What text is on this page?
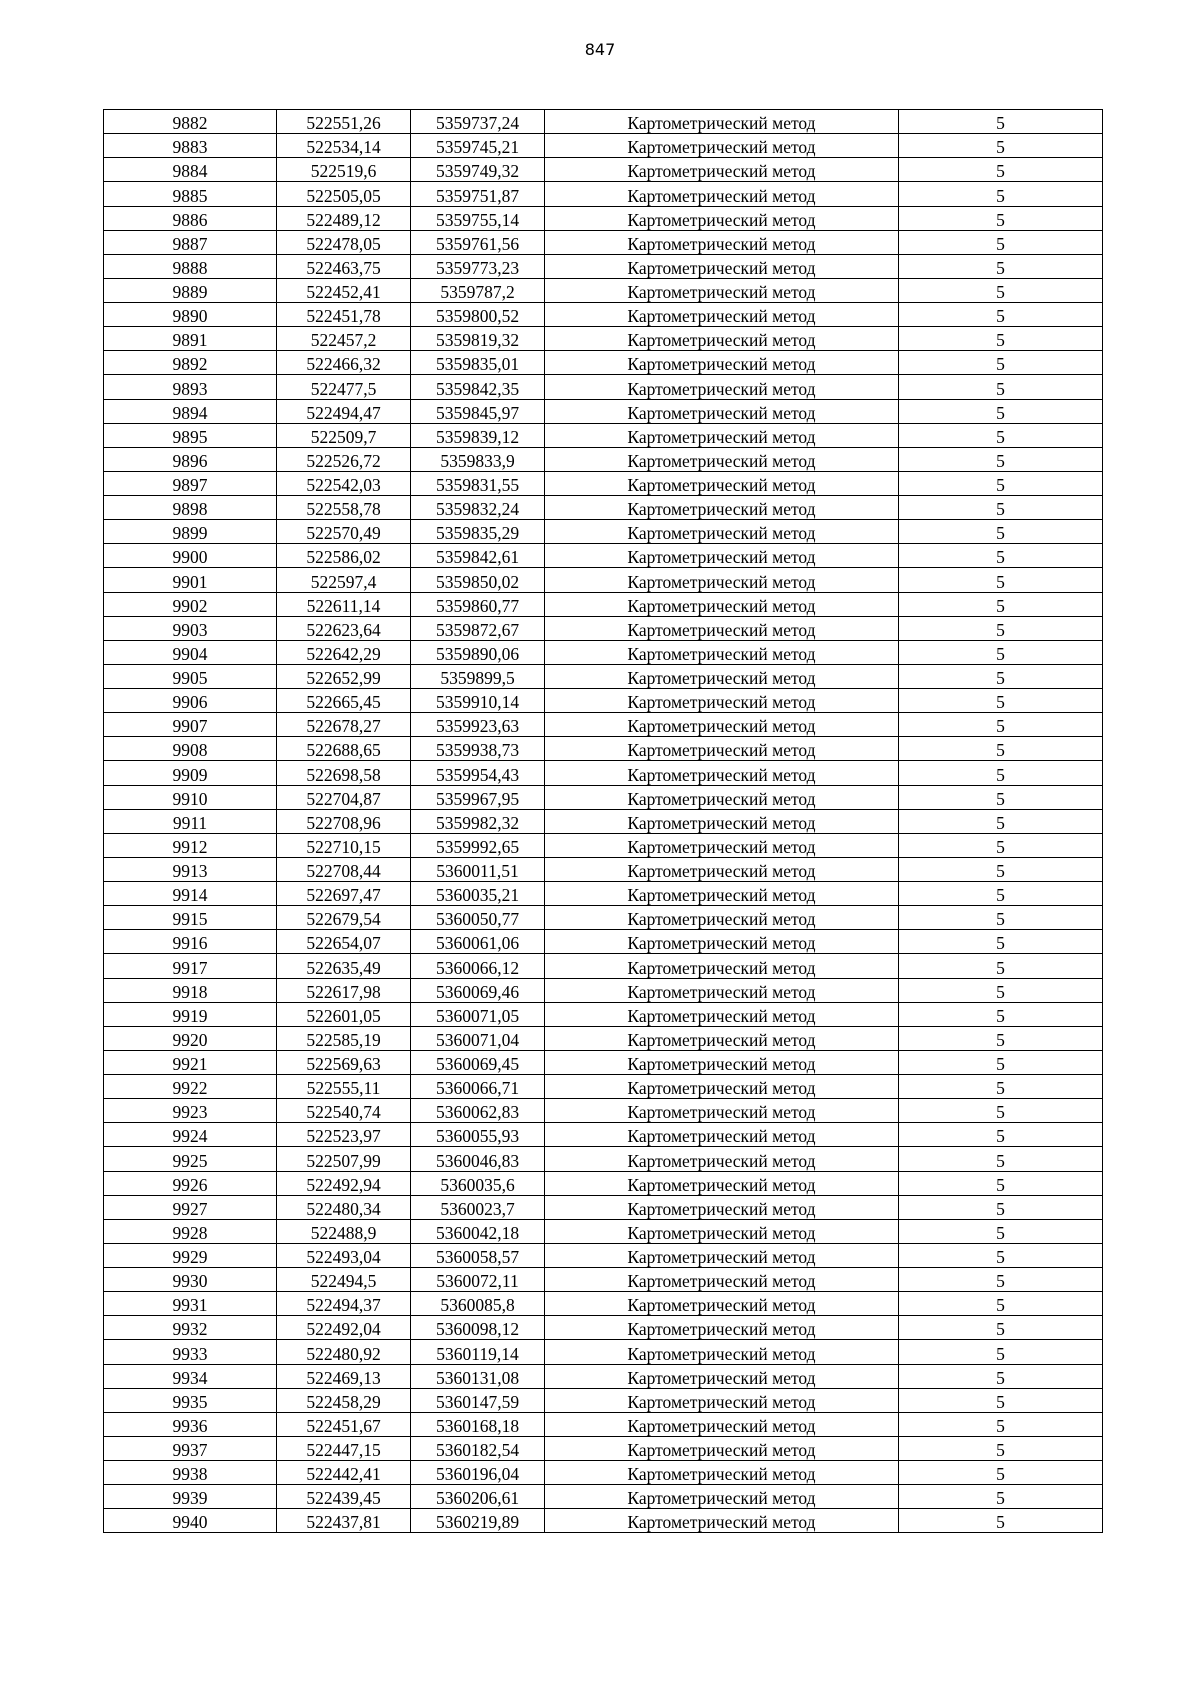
847
9882	522551,26	5359737,24	Картометрический метод	5
9883	522534,14	5359745,21	Картометрический метод	5
9884	522519,6	5359749,32	Картометрический метод	5
9885	522505,05	5359751,87	Картометрический метод	5
9886	522489,12	5359755,14	Картометрический метод	5
9887	522478,05	5359761,56	Картометрический метод	5
9888	522463,75	5359773,23	Картометрический метод	5
9889	522452,41	5359787,2	Картометрический метод	5
9890	522451,78	5359800,52	Картометрический метод	5
9891	522457,2	5359819,32	Картометрический метод	5
9892	522466,32	5359835,01	Картометрический метод	5
9893	522477,5	5359842,35	Картометрический метод	5
9894	522494,47	5359845,97	Картометрический метод	5
9895	522509,7	5359839,12	Картометрический метод	5
9896	522526,72	5359833,9	Картометрический метод	5
9897	522542,03	5359831,55	Картометрический метод	5
9898	522558,78	5359832,24	Картометрический метод	5
9899	522570,49	5359835,29	Картометрический метод	5
9900	522586,02	5359842,61	Картометрический метод	5
9901	522597,4	5359850,02	Картометрический метод	5
9902	522611,14	5359860,77	Картометрический метод	5
9903	522623,64	5359872,67	Картометрический метод	5
9904	522642,29	5359890,06	Картометрический метод	5
9905	522652,99	5359899,5	Картометрический метод	5
9906	522665,45	5359910,14	Картометрический метод	5
9907	522678,27	5359923,63	Картометрический метод	5
9908	522688,65	5359938,73	Картометрический метод	5
9909	522698,58	5359954,43	Картометрический метод	5
9910	522704,87	5359967,95	Картометрический метод	5
9911	522708,96	5359982,32	Картометрический метод	5
9912	522710,15	5359992,65	Картометрический метод	5
9913	522708,44	5360011,51	Картометрический метод	5
9914	522697,47	5360035,21	Картометрический метод	5
9915	522679,54	5360050,77	Картометрический метод	5
9916	522654,07	5360061,06	Картометрический метод	5
9917	522635,49	5360066,12	Картометрический метод	5
9918	522617,98	5360069,46	Картометрический метод	5
9919	522601,05	5360071,05	Картометрический метод	5
9920	522585,19	5360071,04	Картометрический метод	5
9921	522569,63	5360069,45	Картометрический метод	5
9922	522555,11	5360066,71	Картометрический метод	5
9923	522540,74	5360062,83	Картометрический метод	5
9924	522523,97	5360055,93	Картометрический метод	5
9925	522507,99	5360046,83	Картометрический метод	5
9926	522492,94	5360035,6	Картометрический метод	5
9927	522480,34	5360023,7	Картометрический метод	5
9928	522488,9	5360042,18	Картометрический метод	5
9929	522493,04	5360058,57	Картометрический метод	5
9930	522494,5	5360072,11	Картометрический метод	5
9931	522494,37	5360085,8	Картометрический метод	5
9932	522492,04	5360098,12	Картометрический метод	5
9933	522480,92	5360119,14	Картометрический метод	5
9934	522469,13	5360131,08	Картометрический метод	5
9935	522458,29	5360147,59	Картометрический метод	5
9936	522451,67	5360168,18	Картометрический метод	5
9937	522447,15	5360182,54	Картометрический метод	5
9938	522442,41	5360196,04	Картометрический метод	5
9939	522439,45	5360206,61	Картометрический метод	5
9940	522437,81	5360219,89	Картометрический метод	5
